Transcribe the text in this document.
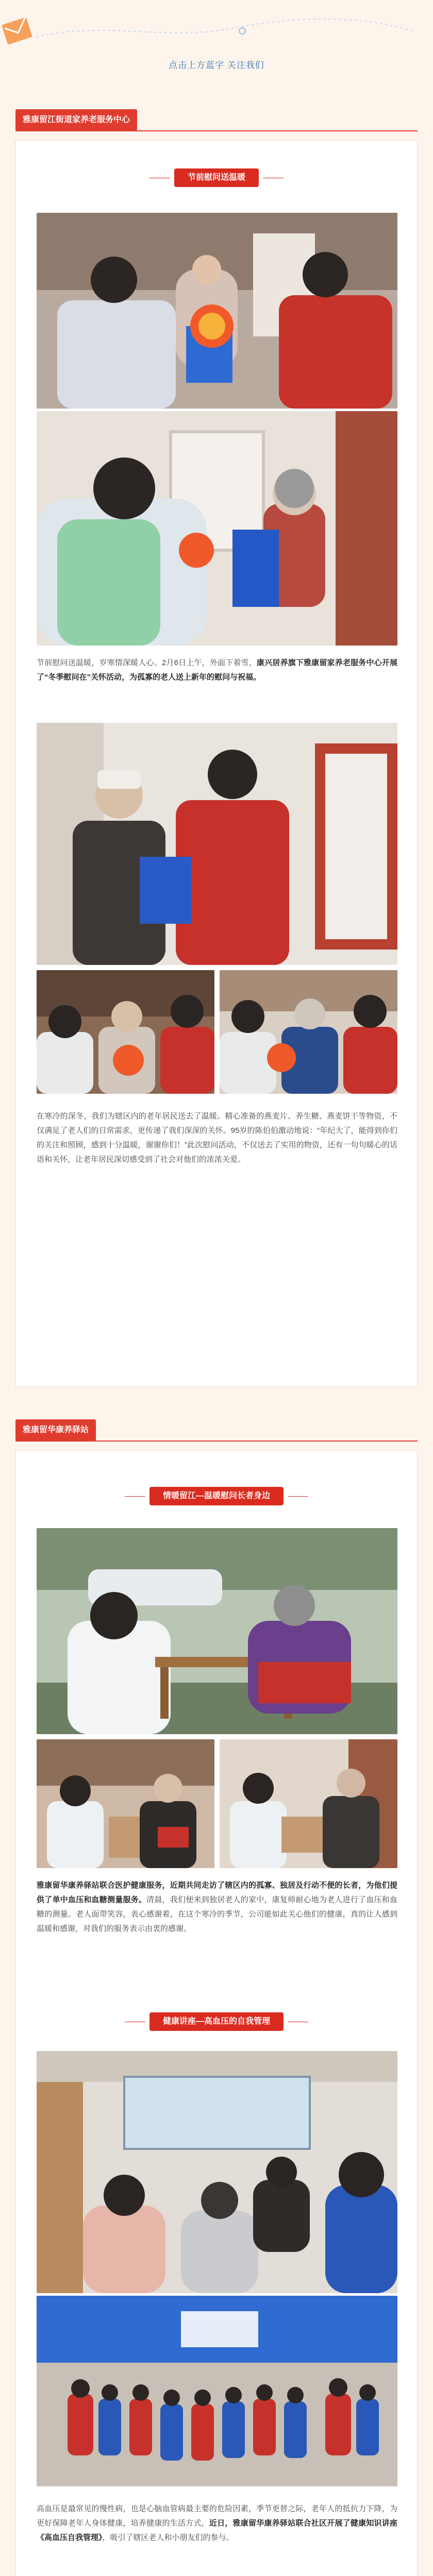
点击上方蓝字 关注我们
雅康留江街道家养老服务中心
节前慰问送温暖

节前慰问送温暖，岁寒情深暖人心。2月6日上午，外面下着雪，康兴居养旗下雅康留家养老服务中心开展了“冬季慰问在”关怀活动，为孤寡的老人送上新年的慰问与祝福。

在寒冷的深冬，我们为辖区内的老年居民送去了温暖。精心准备的燕麦片、养生糖、燕麦饼干等物资，不仅满足了老人们的日常需求，更传递了我们深深的关怀。95岁的陈伯伯激动地说：“年纪大了，能得到你们的关注和照顾，感到十分温暖，谢谢你们！”此次慰问活动，不仅送去了实用的物资，还有一句句暖心的话语和关怀，让老年居民深切感受到了社会对他们的浓浓关爱。

雅康留华康养驿站
情暖留江—温暖慰问长者身边

雅康留华康养驿站联合医护健康服务，近期共同走访了辖区内的孤寡、独居及行动不便的长者，为他们提供了单中血压和血糖测量服务。清晨，我们便来到独居老人的家中，康复师耐心地为老人进行了血压和血糖的测量。老人面带笑容，表心感谢着，在这个寒冷的季节，公司能如此关心他们的健康，真的让人感到温暖和感谢，对我们的服务表示由衷的感谢。

健康讲座—高血压的自我管理

高血压是最常见的慢性病，也是心脑血管病最主要的危险因素，季节更替之际，老年人的抵抗力下降，为更好保障老年人身体健康，培养健康的生活方式，近日，雅康留华康养驿站联合社区开展了健康知识讲座《高血压自我管理》，吸引了辖区老人和小朋友们的参与。
